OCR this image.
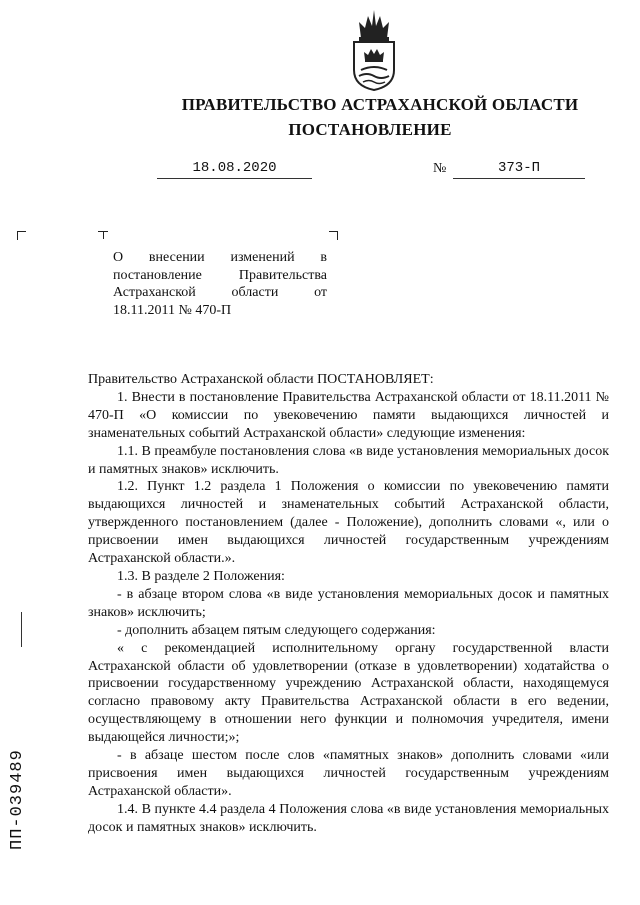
ПРАВИТЕЛЬСТВО АСТРАХАНСКОЙ ОБЛАСТИ
ПОСТАНОВЛЕНИЕ
18.08.2020	№	373-П
О внесении изменений в
постановление Правительства
Астраханской области от
18.11.2011 № 470-П

Правительство Астраханской области ПОСТАНОВЛЯЕТ:

1. Внести в постановление Правительства Астраханской области от 18.11.2011 № 470-П «О комиссии по увековечению памяти выдающихся личностей и знаменательных событий Астраханской области» следующие изменения:

1.1. В преамбуле постановления слова «в виде установления мемориальных досок и памятных знаков» исключить.

1.2. Пункт 1.2 раздела 1 Положения о комиссии по увековечению памяти выдающихся личностей и знаменательных событий Астраханской области, утвержденного постановлением (далее - Положение), дополнить словами «, или о присвоении имен выдающихся личностей государственным учреждениям Астраханской области.».

1.3. В разделе 2 Положения:

- в абзаце втором слова «в виде установления мемориальных досок и памятных знаков» исключить;

- дополнить абзацем пятым следующего содержания:

« с рекомендацией исполнительному органу государственной власти Астраханской области об удовлетворении (отказе в удовлетворении) ходатайства о присвоении государственному учреждению Астраханской области, находящемуся согласно правовому акту Правительства Астраханской области в его ведении, осуществляющему в отношении него функции и полномочия учредителя, имени выдающейся личности;»;

- в абзаце шестом после слов «памятных знаков» дополнить словами «или присвоения имен выдающихся личностей государственным учреждениям Астраханской области».

1.4. В пункте 4.4 раздела 4 Положения слова «в виде установления мемориальных досок и памятных знаков» исключить.

ПП-039489
